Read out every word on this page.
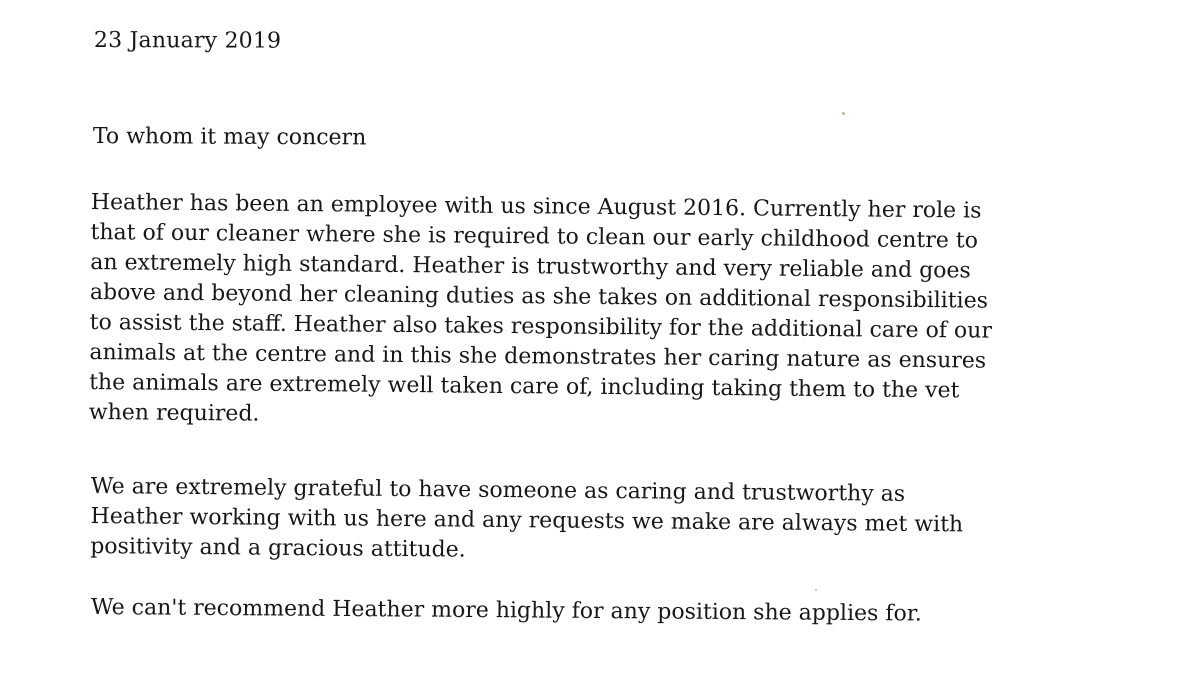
23 January 2019
To whom it may concern
Heather has been an employee with us since August 2016. Currently her role is
that of our cleaner where she is required to clean our early childhood centre to
an extremely high standard. Heather is trustworthy and very reliable and goes
above and beyond her cleaning duties as she takes on additional responsibilities
to assist the staff. Heather also takes responsibility for the additional care of our
animals at the centre and in this she demonstrates her caring nature as ensures
the animals are extremely well taken care of, including taking them to the vet
when required.
We are extremely grateful to have someone as caring and trustworthy as
Heather working with us here and any requests we make are always met with
positivity and a gracious attitude.
We can't recommend Heather more highly for any position she applies for.
